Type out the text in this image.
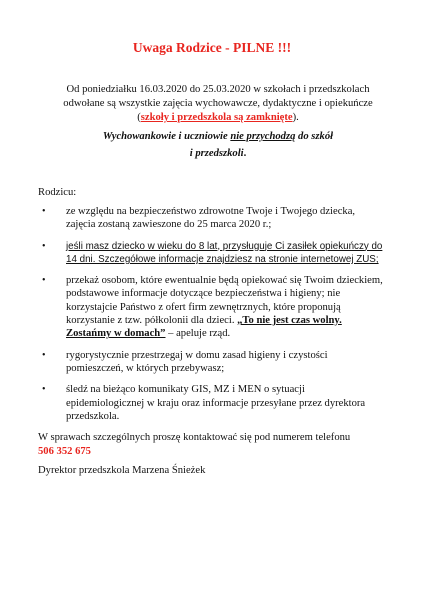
Uwaga Rodzice - PILNE !!!
Od poniedziałku 16.03.2020 do 25.03.2020 w szkołach i przedszkolach odwołane są wszystkie zajęcia wychowawcze, dydaktyczne i opiekuńcze (szkoły i przedszkola są zamknięte).
Wychowankowie i uczniowie nie przychodzą do szkół
i przedszkoli.
Rodzicu:
• ze względu na bezpieczeństwo zdrowotne Twoje i Twojego dziecka, zajęcia zostaną zawieszone do 25 marca 2020 r.;
• jeśli masz dziecko w wieku do 8 lat, przysługuje Ci zasiłek opiekuńczy do 14 dni. Szczegółowe informacje znajdziesz na stronie internetowej ZUS;
• przekaż osobom, które ewentualnie będą opiekować się Twoim dzieckiem, podstawowe informacje dotyczące bezpieczeństwa i higieny; nie korzystajcie Państwo z ofert firm zewnętrznych, które proponują korzystanie z tzw. półkolonii dla dzieci. „To nie jest czas wolny. Zostańmy w domach” – apeluje rząd.
• rygorystycznie przestrzegaj w domu zasad higieny i czystości pomieszczeń, w których przebywasz;
• śledź na bieżąco komunikaty GIS, MZ i MEN o sytuacji epidemiologicznej w kraju oraz informacje przesyłane przez dyrektora przedszkola.
W sprawach szczególnych proszę kontaktować się pod numerem telefonu
506 352 675
Dyrektor przedszkola Marzena Śnieżek
